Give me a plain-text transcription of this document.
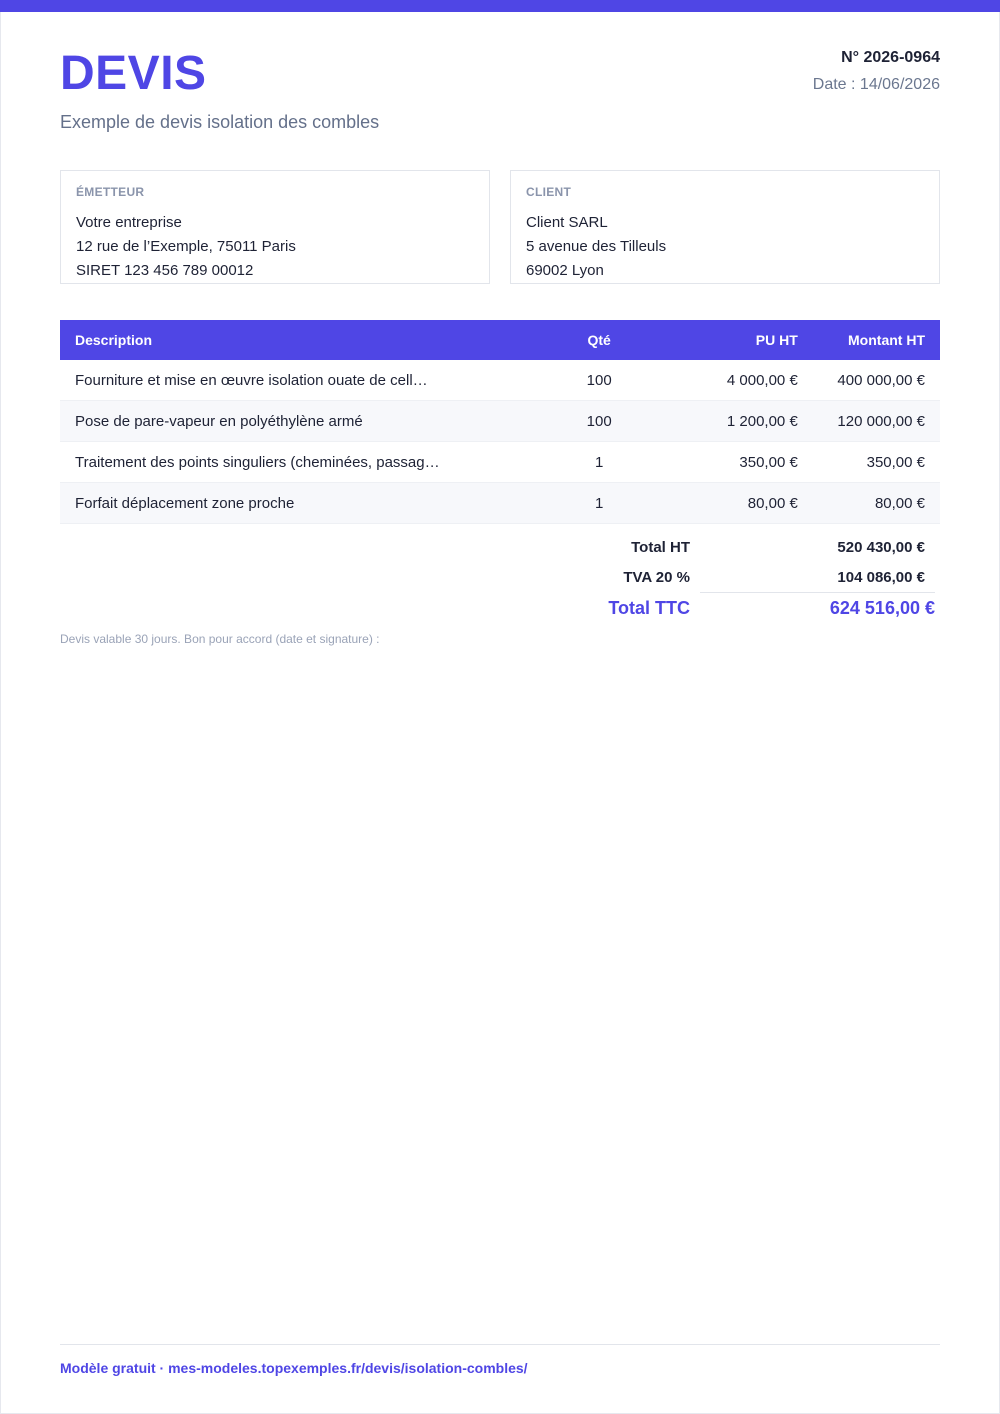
DEVIS
Exemple de devis isolation des combles
N° 2026-0964
Date : 14/06/2026
ÉMETTEUR
Votre entreprise
12 rue de l’Exemple, 75011 Paris
SIRET 123 456 789 00012
CLIENT
Client SARL
5 avenue des Tilleuls
69002 Lyon
Description	Qté	PU HT	Montant HT
Fourniture et mise en œuvre isolation ouate de cell…	100	4 000,00 €	400 000,00 €
Pose de pare-vapeur en polyéthylène armé	100	1 200,00 €	120 000,00 €
Traitement des points singuliers (cheminées, passag…	1	350,00 €	350,00 €
Forfait déplacement zone proche	1	80,00 €	80,00 €
Total HT	520 430,00 €
TVA 20 %	104 086,00 €
Total TTC	624 516,00 €
Devis valable 30 jours. Bon pour accord (date et signature) :
Modèle gratuit · mes-modeles.topexemples.fr/devis/isolation-combles/
